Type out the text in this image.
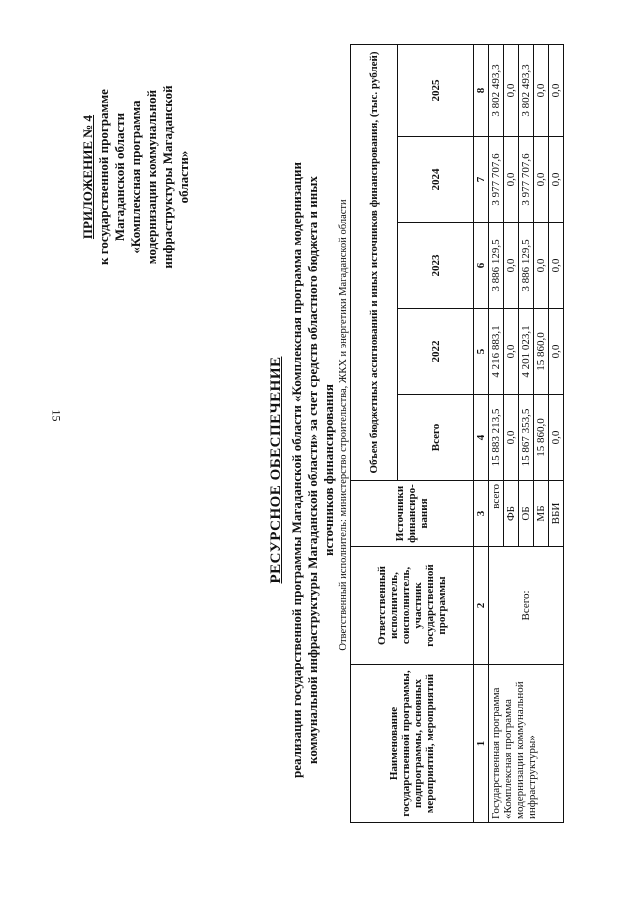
15
ПРИЛОЖЕНИЕ № 4 к государственной программе Магаданской области «Комплексная программа модернизации коммунальной инфраструктуры Магаданской области»
РЕСУРСНОЕ ОБЕСПЕЧЕНИЕ реализации государственной программы Магаданской области «Комплексная программа модернизации коммунальной инфраструктуры Магаданской области» за счет средств областного бюджета и иных источников финансирования Ответственный исполнитель: министерство строительства, ЖКХ и энергетики Магаданской области
Наименование государственной программы, подпрограммы, основных мероприятий, мероприятий	Ответственный исполнитель, соисполнитель, участник государственной программы	Источники финансиро-вания	Объем бюджетных ассигнований и иных источников финансирования, (тыс. рублей)				
			Всего	2022	2023	2024	2025
1	2	3	4	5	6	7	8
Государственная программа «Комплексная программа модернизации коммунальной инфраструктуры»	Всего:	всего	15 883 213,5	4 216 883,1	3 886 129,5	3 977 707,6	3 802 493,3
		ФБ	0,0	0,0	0,0	0,0	0,0
		ОБ	15 867 353,5	4 201 023,1	3 886 129,5	3 977 707,6	3 802 493,3
		МБ	15 860,0	15 860,0	0,0	0,0	0,0
		ВБИ	0,0	0,0	0,0	0,0	0,0
